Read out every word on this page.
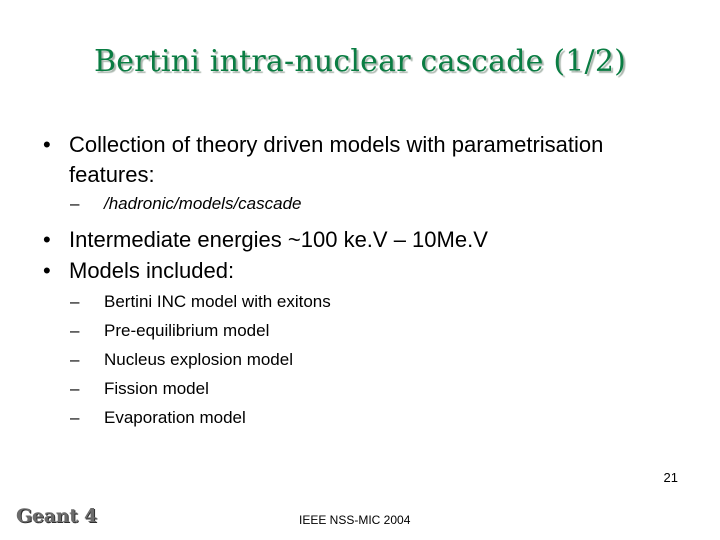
Bertini intra-nuclear cascade (1/2)
• Collection of theory driven models with parametrisation
features:
– /hadronic/models/cascade
• Intermediate energies ~100 ke.V – 10Me.V
• Models included:
– Bertini INC model with exitons
– Pre-equilibrium model
– Nucleus explosion model
– Fission model
– Evaporation model
21
IEEE NSS-MIC 2004
Geant 4
